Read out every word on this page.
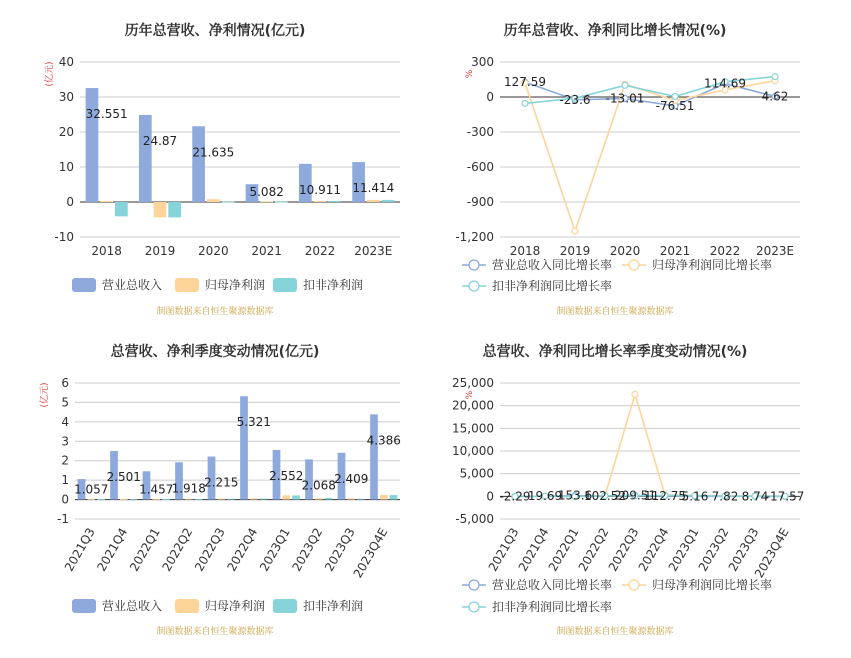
历年总营收、净利情况(亿元)
(亿元)
-10
0
10
20
30
40
2018 2019 2020 2021 2022 2023E
32.551
24.87
21.635
5.082 10.911 11.414
营业总收入	归母净利润	扣非净利润
制图数据来自恒生聚源数据库
历年总营收、净利同比增长情况(%)
%
-1,200
-900
-600
-300
0
300
2018 2019 2020 2021 2022 2023E
127.59
-23.6 -13.01
-76.51
114.69
4.62
营业总收入同比增长率	归母净利润同比增长率
扣非净利润同比增长率
制图数据来自恒生聚源数据库
总营收、净利季度变动情况(亿元)
(亿元)
-1
0
1
2
3
4
5
6
2021Q3
2021Q4
2022Q1
2022Q2
2022Q3
2022Q4
2023Q1
2023Q2
2023Q3
2023Q4E
1.057
2.501
1.457
1.918
2.215
5.321
2.552
2.068
2.409
4.386
营业总收入	归母净利润	扣非净利润
制图数据来自恒生聚源数据库
总营收、净利同比增长率季度变动情况(%)
%
-5,000
0
5,000
10,000
15,000
20,000
25,000
2021Q3
2021Q4
2022Q1
2022Q2
2022Q3
2022Q4
2023Q1
2023Q2
2023Q3
2023Q4E
-2.29
19.69
153.6
102.52
209.51
112.75
5.16 7.82 8.74
-17.57
营业总收入同比增长率	归母净利润同比增长率
扣非净利润同比增长率
制图数据来自恒生聚源数据库
